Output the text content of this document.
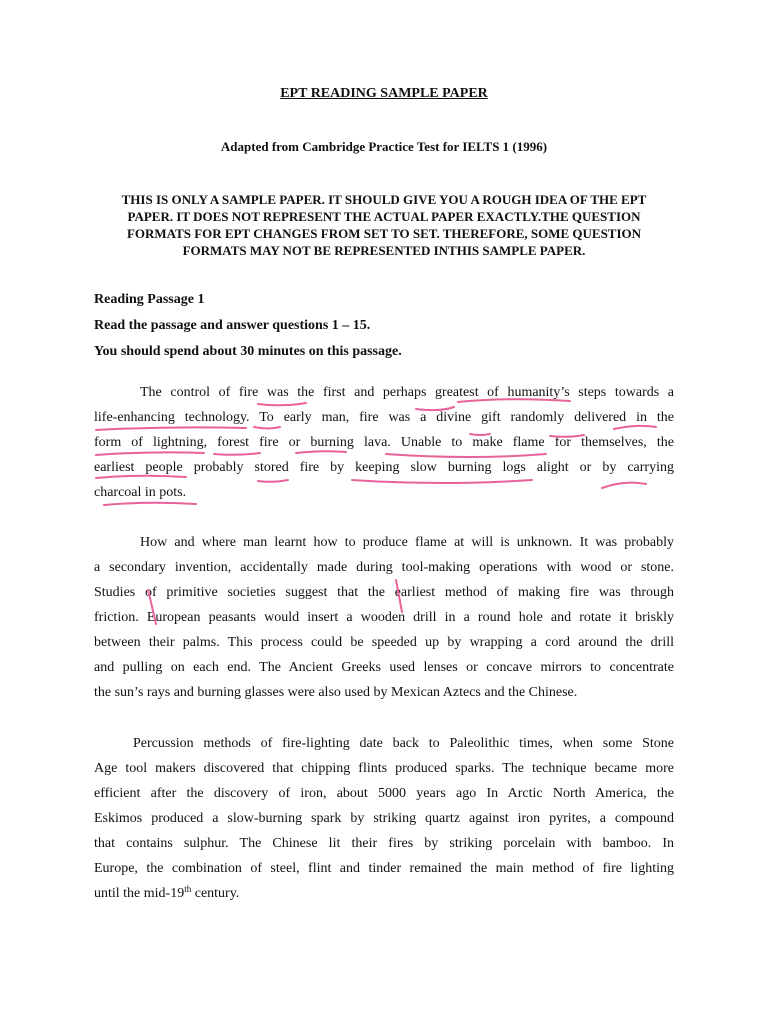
EPT READING SAMPLE PAPER
Adapted from Cambridge Practice Test for IELTS 1 (1996)
THIS IS ONLY A SAMPLE PAPER. IT SHOULD GIVE YOU A ROUGH IDEA OF THE EPT
PAPER. IT DOES NOT REPRESENT THE ACTUAL PAPER EXACTLY.THE QUESTION
FORMATS FOR EPT CHANGES FROM SET TO SET. THEREFORE, SOME QUESTION
FORMATS MAY NOT BE REPRESENTED INTHIS SAMPLE PAPER.
Reading Passage 1
Read the passage and answer questions 1 – 15.
You should spend about 30 minutes on this passage.

The control of fire was the first and perhaps greatest of humanity’s steps towards a
life-enhancing technology. To early man, fire was a divine gift randomly delivered in the
form of lightning, forest fire or burning lava. Unable to make flame for themselves, the
earliest people probably stored fire by keeping slow burning logs alight or by carrying
charcoal in pots.

How and where man learnt how to produce flame at will is unknown. It was probably
a secondary invention, accidentally made during tool-making operations with wood or stone.
Studies of primitive societies suggest that the earliest method of making fire was through
friction. European peasants would insert a wooden drill in a round hole and rotate it briskly
between their palms. This process could be speeded up by wrapping a cord around the drill
and pulling on each end. The Ancient Greeks used lenses or concave mirrors to concentrate
the sun’s rays and burning glasses were also used by Mexican Aztecs and the Chinese.

Percussion methods of fire-lighting date back to Paleolithic times, when some Stone
Age tool makers discovered that chipping flints produced sparks. The technique became more
efficient after the discovery of iron, about 5000 years ago In Arctic North America, the
Eskimos produced a slow-burning spark by striking quartz against iron pyrites, a compound
that contains sulphur. The Chinese lit their fires by striking porcelain with bamboo. In
Europe, the combination of steel, flint and tinder remained the main method of fire lighting
until the mid-19th century.
